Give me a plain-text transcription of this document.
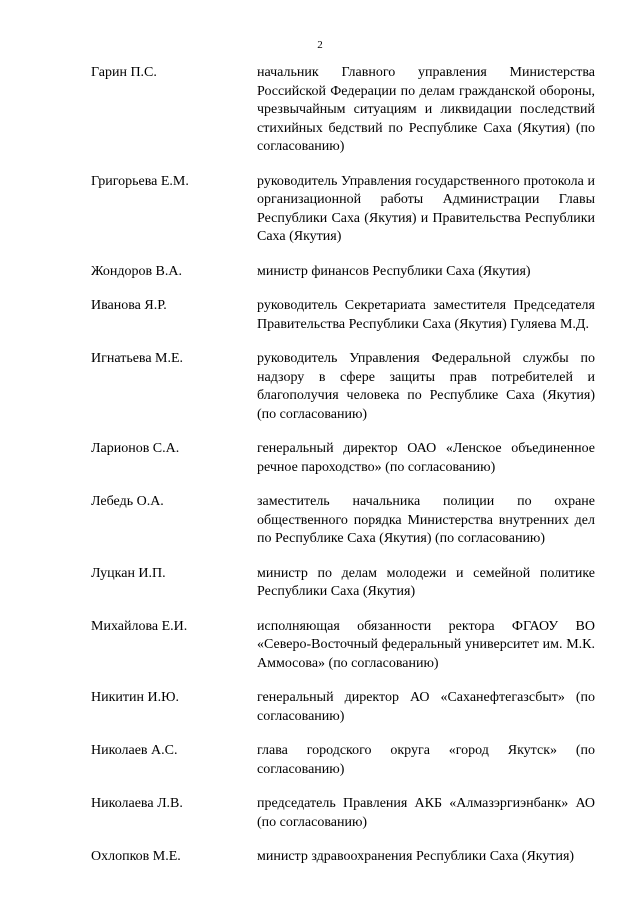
2
Гарин П.С.	начальник Главного управления Министерства Российской Федерации по делам гражданской обороны, чрезвычайным ситуациям и ликвидации последствий стихийных бедствий по Республике Саха (Якутия) (по согласованию)
Григорьева Е.М.	руководитель Управления государственного протокола и организационной работы Администрации Главы Республики Саха (Якутия) и Правительства Республики Саха (Якутия)
Жондоров В.А.	министр финансов Республики Саха (Якутия)
Иванова Я.Р.	руководитель Секретариата заместителя Председателя Правительства Республики Саха (Якутия) Гуляева М.Д.
Игнатьева М.Е.	руководитель Управления Федеральной службы по надзору в сфере защиты прав потребителей и благополучия человека по Республике Саха (Якутия) (по согласованию)
Ларионов С.А.	генеральный директор ОАО «Ленское объединенное речное пароходство» (по согласованию)
Лебедь О.А.	заместитель начальника полиции по охране общественного порядка Министерства внутренних дел по Республике Саха (Якутия) (по согласованию)
Луцкан И.П.	министр по делам молодежи и семейной политике Республики Саха (Якутия)
Михайлова Е.И.	исполняющая обязанности ректора ФГАОУ ВО «Северо-Восточный федеральный университет им. М.К. Аммосова» (по согласованию)
Никитин И.Ю.	генеральный директор АО «Саханефтегазсбыт» (по согласованию)
Николаев А.С.	глава городского округа «город Якутск» (по согласованию)
Николаева Л.В.	председатель Правления АКБ «Алмазэргиэнбанк» АО (по согласованию)
Охлопков М.Е.	министр здравоохранения Республики Саха (Якутия)
